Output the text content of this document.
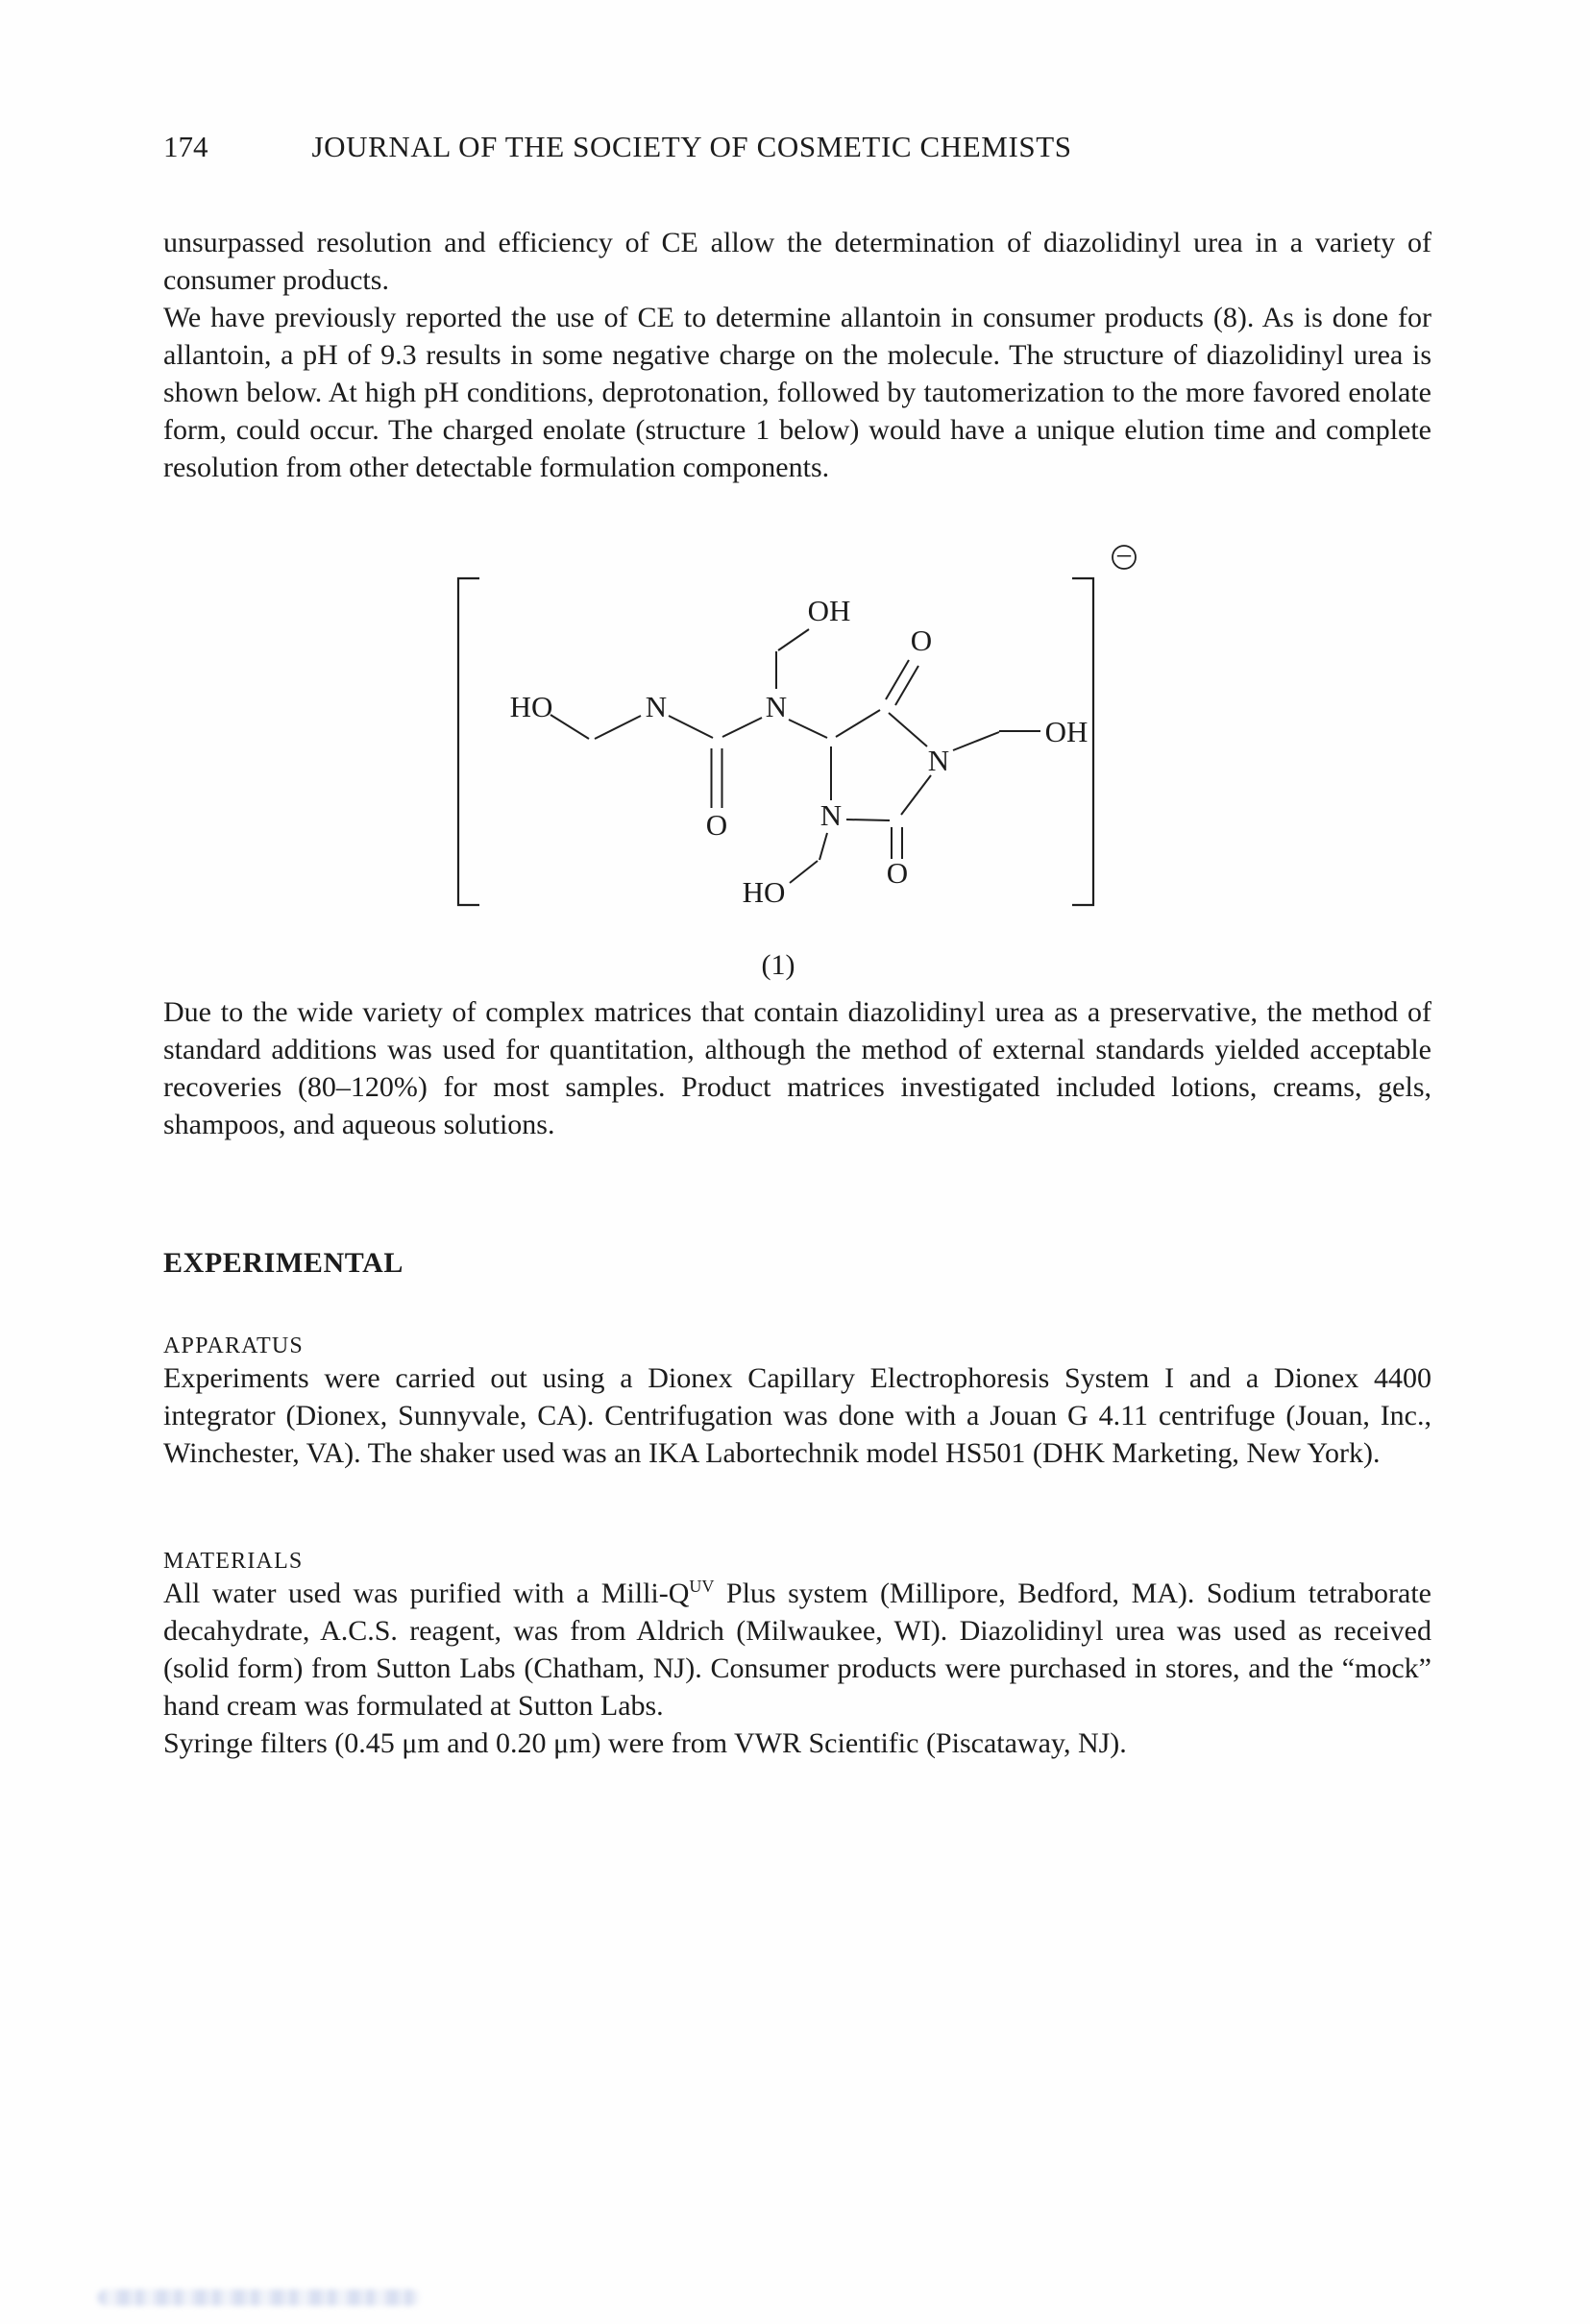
174	JOURNAL OF THE SOCIETY OF COSMETIC CHEMISTS

unsurpassed resolution and efficiency of CE allow the determination of diazolidinyl urea in a variety of consumer products.

We have previously reported the use of CE to determine allantoin in consumer products (8). As is done for allantoin, a pH of 9.3 results in some negative charge on the molecule. The structure of diazolidinyl urea is shown below. At high pH conditions, deprotonation, followed by tautomerization to the more favored enolate form, could occur. The charged enolate (structure 1 below) would have a unique elution time and complete resolution from other detectable formulation components.

−
OH
HO	N	N
O
O
N
OH
N
O
HO
(1)

Due to the wide variety of complex matrices that contain diazolidinyl urea as a preservative, the method of standard additions was used for quantitation, although the method of external standards yielded acceptable recoveries (80–120%) for most samples. Product matrices investigated included lotions, creams, gels, shampoos, and aqueous solutions.

EXPERIMENTAL
APPARATUS

Experiments were carried out using a Dionex Capillary Electrophoresis System I and a Dionex 4400 integrator (Dionex, Sunnyvale, CA). Centrifugation was done with a Jouan G 4.11 centrifuge (Jouan, Inc., Winchester, VA). The shaker used was an IKA Labortechnik model HS501 (DHK Marketing, New York).

MATERIALS

All water used was purified with a Milli-$Q^{UV}$ Plus system (Millipore, Bedford, MA). Sodium tetraborate decahydrate, A.C.S. reagent, was from Aldrich (Milwaukee, WI). Diazolidinyl urea was used as received (solid form) from Sutton Labs (Chatham, NJ). Consumer products were purchased in stores, and the “mock” hand cream was formulated at Sutton Labs.

Syringe filters (0.45 μm and 0.20 μm) were from VWR Scientific (Piscataway, NJ).
